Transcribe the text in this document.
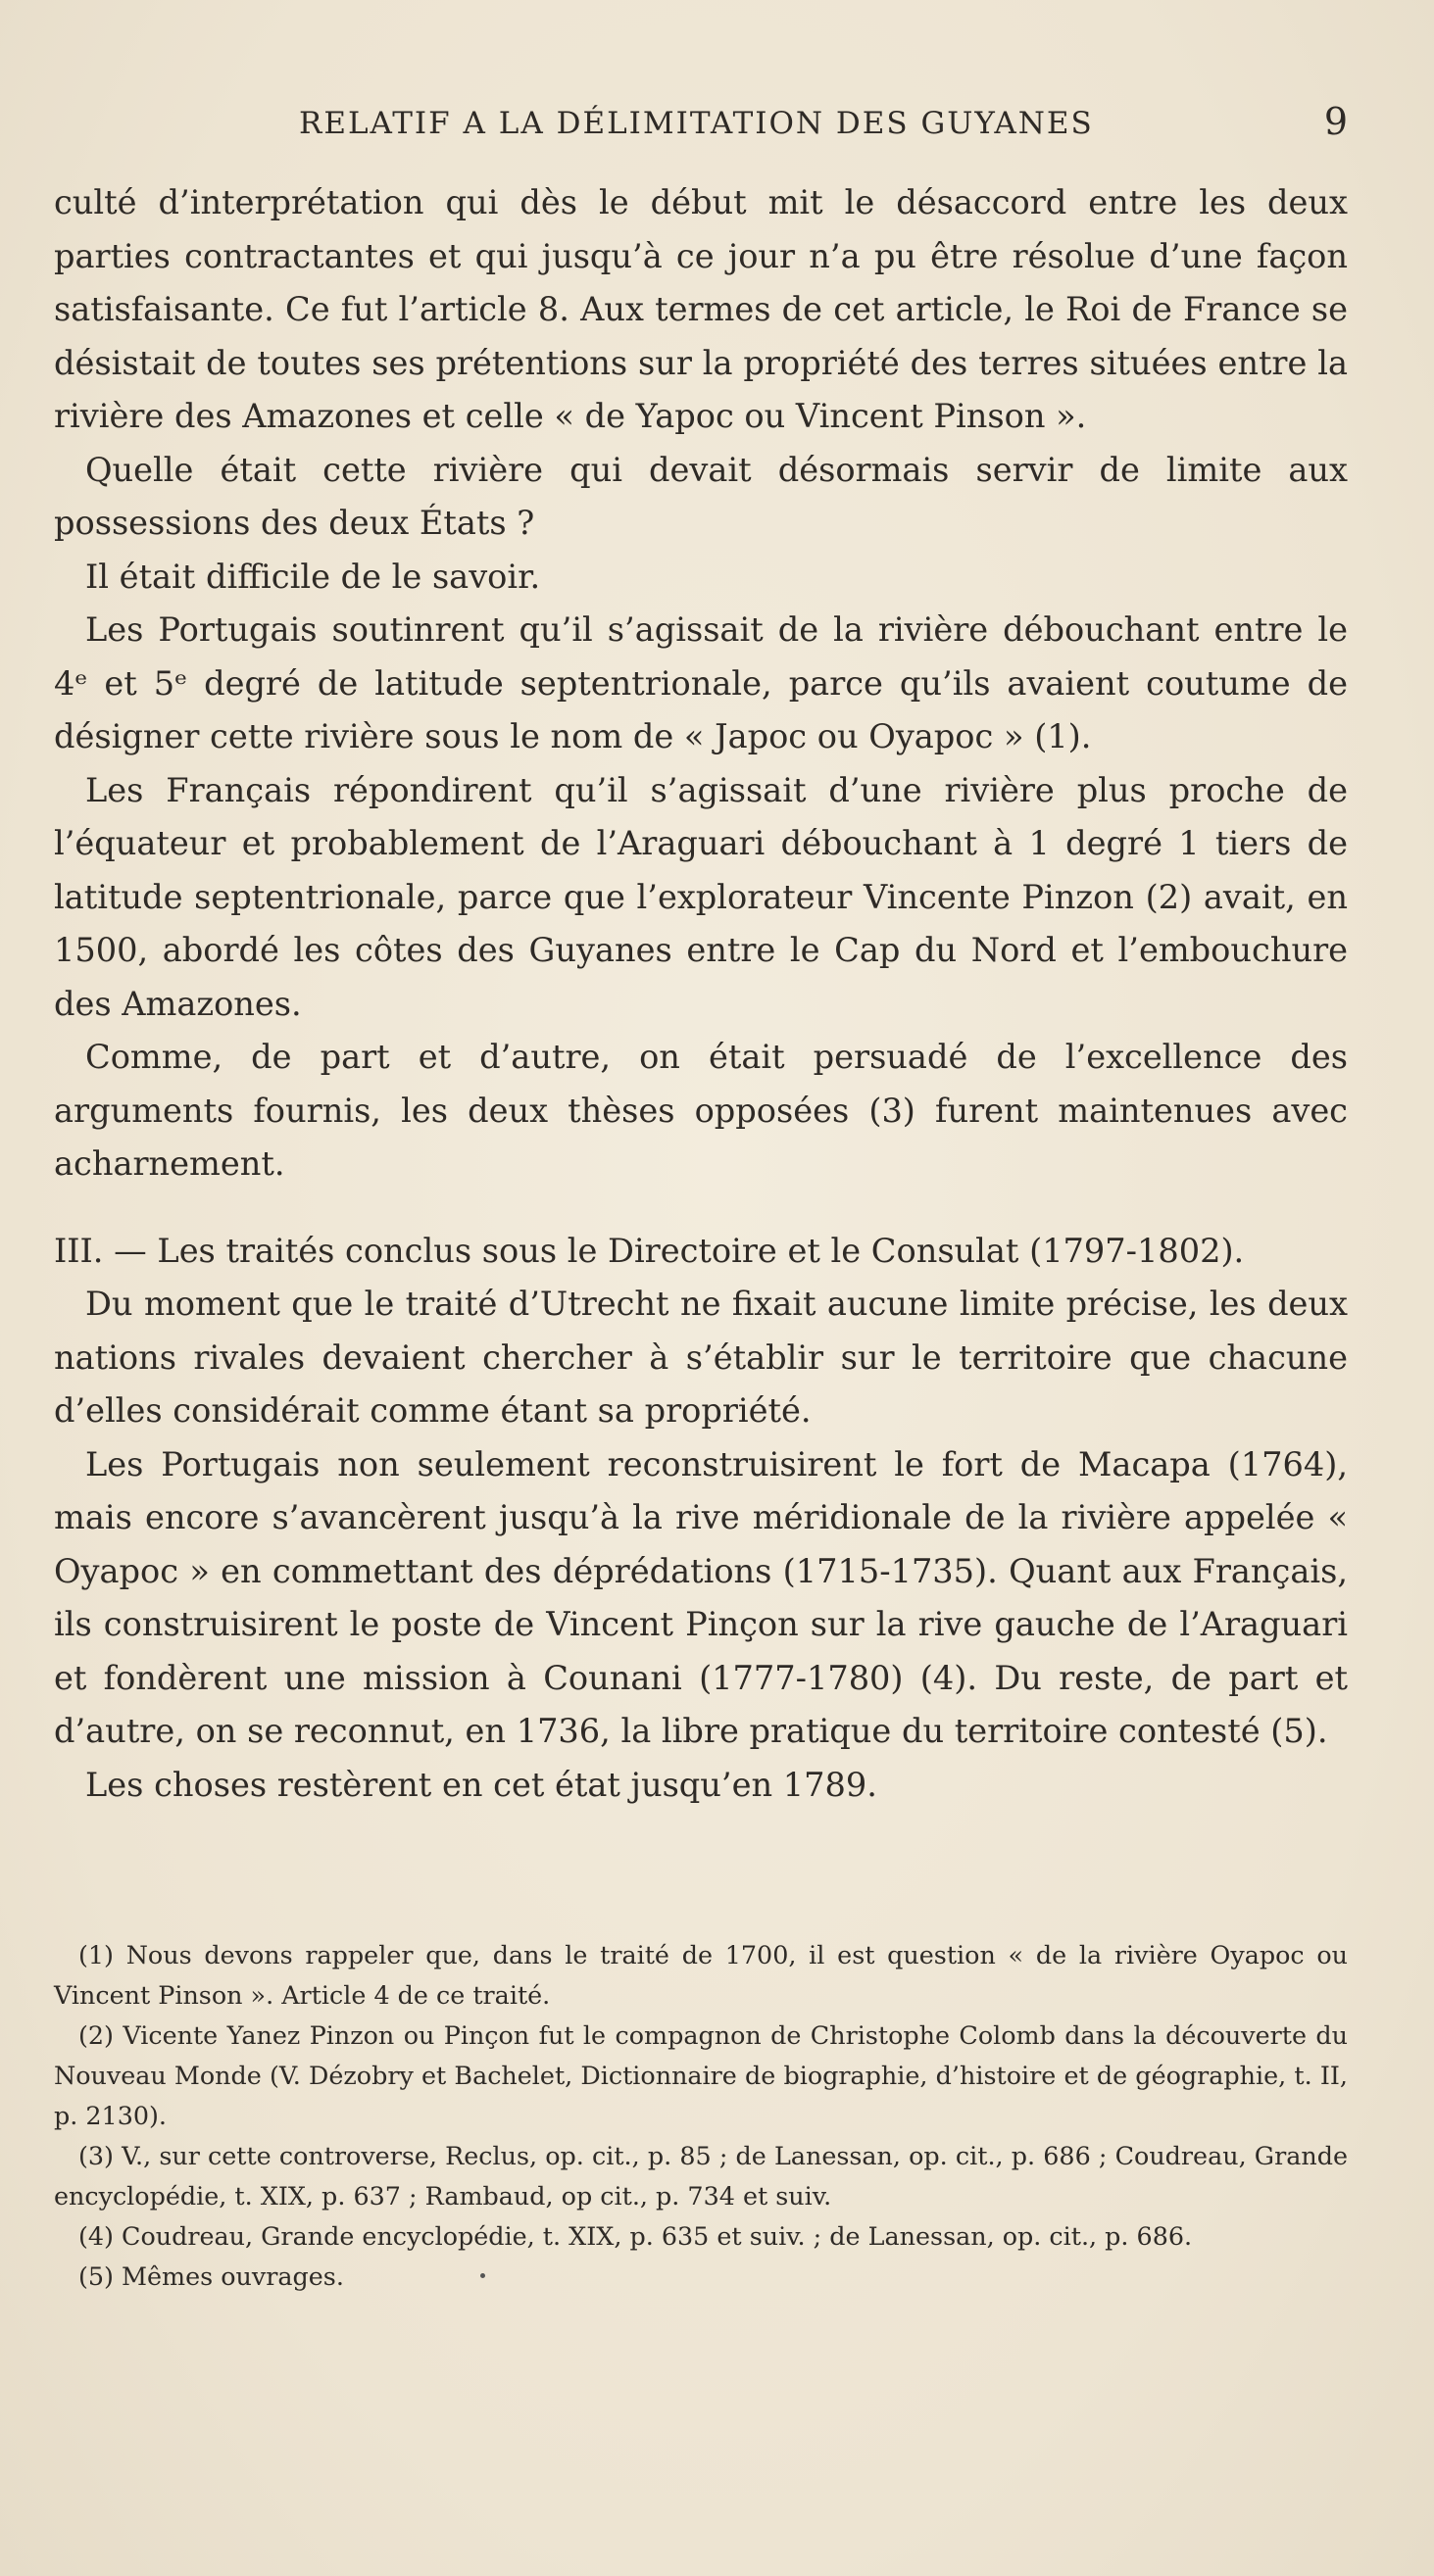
RELATIF A LA DÉLIMITATION DES GUYANES	9

culté d’interprétation qui dès le début mit le désaccord entre les deux parties contractantes et qui jusqu’à ce jour n’a pu être résolue d’une façon satisfaisante. Ce fut l’article 8. Aux termes de cet article, le Roi de France se désistait de toutes ses prétentions sur la propriété des terres situées entre la rivière des Amazones et celle « de Yapoc ou Vincent Pinson ».

Quelle était cette rivière qui devait désormais servir de limite aux possessions des deux États ?

Il était difficile de le savoir.

Les Portugais soutinrent qu’il s’agissait de la rivière débouchant entre le 4ᵉ et 5ᵉ degré de latitude septentrionale, parce qu’ils avaient coutume de désigner cette rivière sous le nom de « Japoc ou Oyapoc » (1).

Les Français répondirent qu’il s’agissait d’une rivière plus proche de l’équateur et probablement de l’Araguari débouchant à 1 degré 1 tiers de latitude septentrionale, parce que l’explorateur Vincente Pinzon (2) avait, en 1500, abordé les côtes des Guyanes entre le Cap du Nord et l’embouchure des Amazones.

Comme, de part et d’autre, on était persuadé de l’excellence des arguments fournis, les deux thèses opposées (3) furent maintenues avec acharnement.

III. — Les traités conclus sous le Directoire et le Consulat (1797-1802).

Du moment que le traité d’Utrecht ne fixait aucune limite précise, les deux nations rivales devaient chercher à s’établir sur le territoire que chacune d’elles considérait comme étant sa propriété.

Les Portugais non seulement reconstruisirent le fort de Macapa (1764), mais encore s’avancèrent jusqu’à la rive méridionale de la rivière appelée « Oyapoc » en commettant des déprédations (1715-1735). Quant aux Français, ils construisirent le poste de Vincent Pinçon sur la rive gauche de l’Araguari et fondèrent une mission à Counani (1777-1780) (4). Du reste, de part et d’autre, on se reconnut, en 1736, la libre pratique du territoire contesté (5).

Les choses restèrent en cet état jusqu’en 1789.

(1) Nous devons rappeler que, dans le traité de 1700, il est question « de la rivière Oyapoc ou Vincent Pinson ». Article 4 de ce traité.

(2) Vicente Yanez Pinzon ou Pinçon fut le compagnon de Christophe Colomb dans la découverte du Nouveau Monde (V. Dézobry et Bachelet, Dictionnaire de biographie, d’histoire et de géographie, t. II, p. 2130).

(3) V., sur cette controverse, Reclus, op. cit., p. 85 ; de Lanessan, op. cit., p. 686 ; Coudreau, Grande encyclopédie, t. XIX, p. 637 ; Rambaud, op cit., p. 734 et suiv.

(4) Coudreau, Grande encyclopédie, t. XIX, p. 635 et suiv. ; de Lanessan, op. cit., p. 686.

(5) Mêmes ouvrages.
